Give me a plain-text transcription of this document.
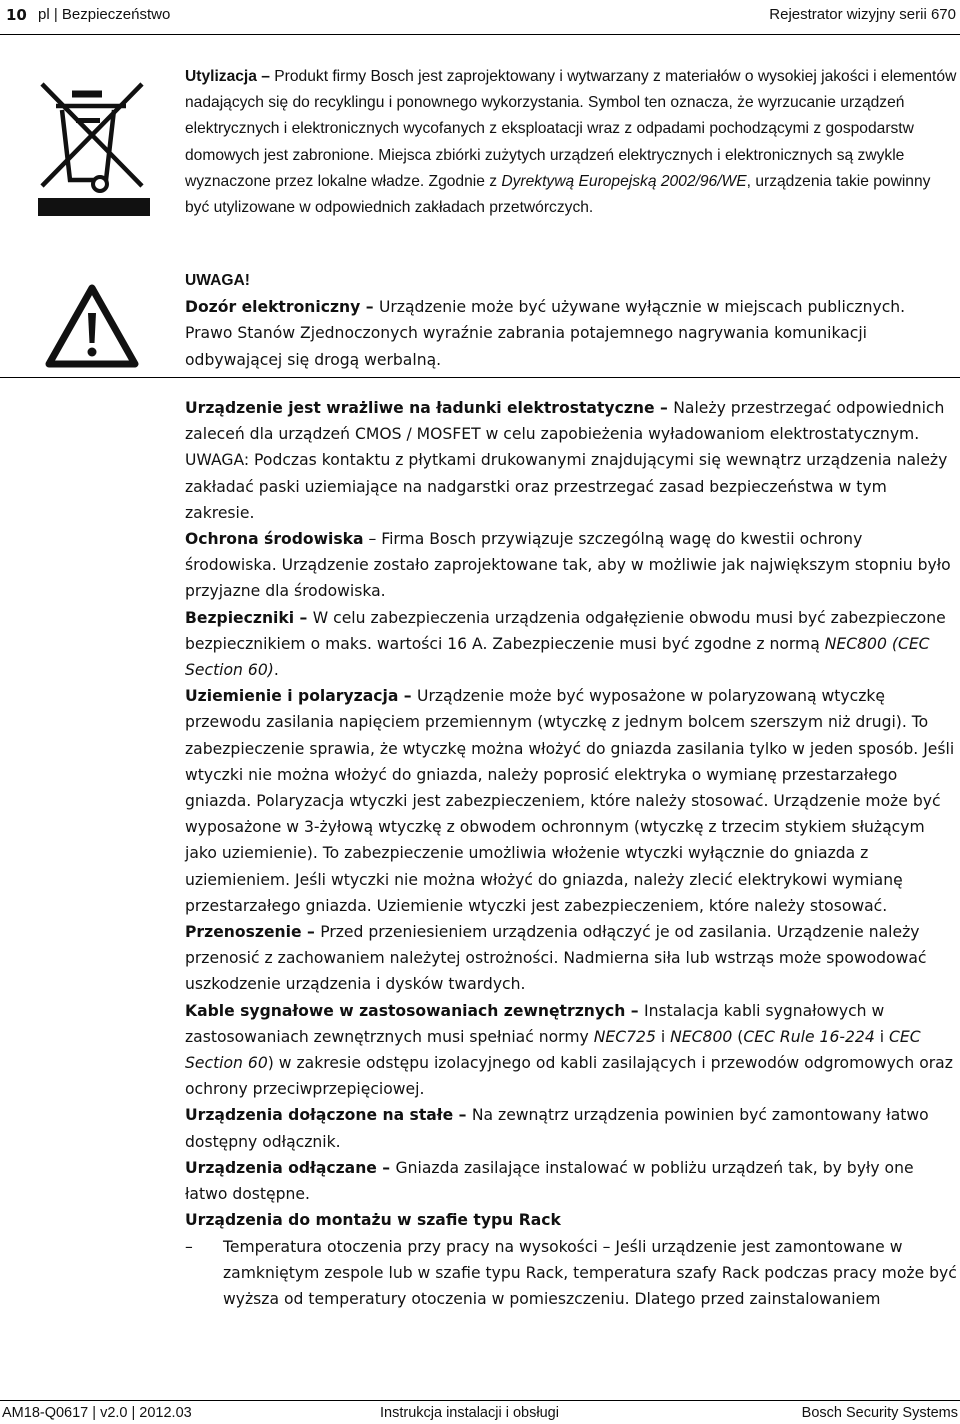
10 pl | Bezpieczeństwo	Rejestrator wizyjny serii 670

Utylizacja – Produkt firmy Bosch jest zaprojektowany i wytwarzany z materiałów o wysokiej jakości i elementów nadających się do recyklingu i ponownego wykorzystania. Symbol ten oznacza, że wyrzucanie urządzeń elektrycznych i elektronicznych wycofanych z eksploatacji wraz z odpadami pochodzącymi z gospodarstw domowych jest zabronione. Miejsca zbiórki zużytych urządzeń elektrycznych i elektronicznych są zwykle wyznaczone przez lokalne władze. Zgodnie z Dyrektywą Europejską 2002/96/WE, urządzenia takie powinny być utylizowane w odpowiednich zakładach przetwórczych.

UWAGA!

Dozór elektroniczny – Urządzenie może być używane wyłącznie w miejscach publicznych. Prawo Stanów Zjednoczonych wyraźnie zabrania potajemnego nagrywania komunikacji odbywającej się drogą werbalną.

Urządzenie jest wrażliwe na ładunki elektrostatyczne – Należy przestrzegać odpowiednich zaleceń dla urządzeń CMOS / MOSFET w celu zapobieżenia wyładowaniom elektrostatycznym. UWAGA: Podczas kontaktu z płytkami drukowanymi znajdującymi się wewnątrz urządzenia należy zakładać paski uziemiające na nadgarstki oraz przestrzegać zasad bezpieczeństwa w tym zakresie.

Ochrona środowiska – Firma Bosch przywiązuje szczególną wagę do kwestii ochrony środowiska. Urządzenie zostało zaprojektowane tak, aby w możliwie jak największym stopniu było przyjazne dla środowiska.

Bezpieczniki – W celu zabezpieczenia urządzenia odgałęzienie obwodu musi być zabezpieczone bezpiecznikiem o maks. wartości 16 A. Zabezpieczenie musi być zgodne z normą NEC800 (CEC Section 60).

Uziemienie i polaryzacja – Urządzenie może być wyposażone w polaryzowaną wtyczkę przewodu zasilania napięciem przemiennym (wtyczkę z jednym bolcem szerszym niż drugi). To zabezpieczenie sprawia, że wtyczkę można włożyć do gniazda zasilania tylko w jeden sposób. Jeśli wtyczki nie można włożyć do gniazda, należy poprosić elektryka o wymianę przestarzałego gniazda. Polaryzacja wtyczki jest zabezpieczeniem, które należy stosować. Urządzenie może być wyposażone w 3-żyłową wtyczkę z obwodem ochronnym (wtyczkę z trzecim stykiem służącym jako uziemienie). To zabezpieczenie umożliwia włożenie wtyczki wyłącznie do gniazda z uziemieniem. Jeśli wtyczki nie można włożyć do gniazda, należy zlecić elektrykowi wymianę przestarzałego gniazda. Uziemienie wtyczki jest zabezpieczeniem, które należy stosować.

Przenoszenie – Przed przeniesieniem urządzenia odłączyć je od zasilania. Urządzenie należy przenosić z zachowaniem należytej ostrożności. Nadmierna siła lub wstrząs może spowodować uszkodzenie urządzenia i dysków twardych.

Kable sygnałowe w zastosowaniach zewnętrznych – Instalacja kabli sygnałowych w zastosowaniach zewnętrznych musi spełniać normy NEC725 i NEC800 (CEC Rule 16-224 i CEC Section 60) w zakresie odstępu izolacyjnego od kabli zasilających i przewodów odgromowych oraz ochrony przeciwprzepięciowej.

Urządzenia dołączone na stałe – Na zewnątrz urządzenia powinien być zamontowany łatwo dostępny odłącznik.

Urządzenia odłączane – Gniazda zasilające instalować w pobliżu urządzeń tak, by były one łatwo dostępne.

Urządzenia do montażu w szafie typu Rack

– Temperatura otoczenia przy pracy na wysokości – Jeśli urządzenie jest zamontowane w zamkniętym zespole lub w szafie typu Rack, temperatura szafy Rack podczas pracy może być wyższa od temperatury otoczenia w pomieszczeniu. Dlatego przed zainstalowaniem

AM18-Q0617 | v2.0 | 2012.03	Instrukcja instalacji i obsługi	Bosch Security Systems
